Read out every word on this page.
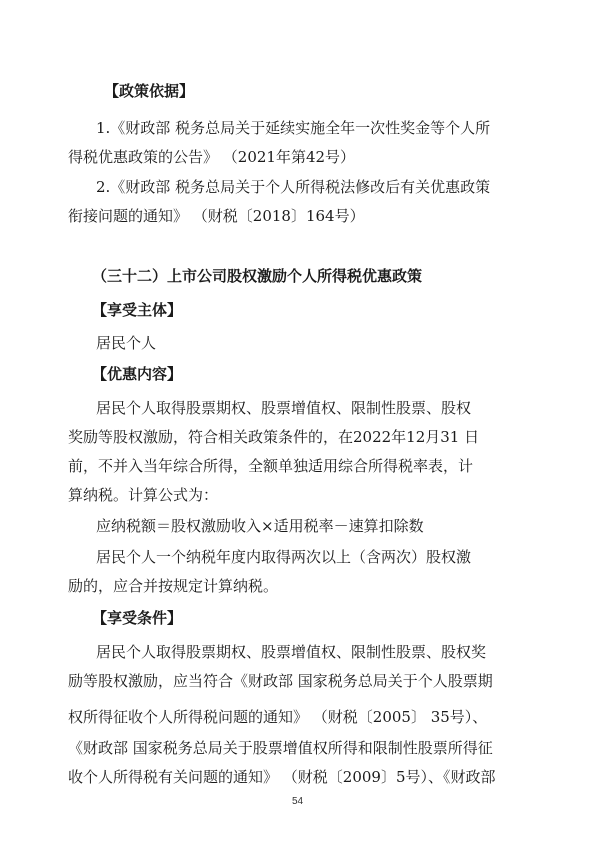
【政策依据】
1.《财政部 税务总局关于延续实施全年一次性奖金等个人所
得税优惠政策的公告》 （2021年第42号）
2.《财政部 税务总局关于个人所得税法修改后有关优惠政策
衔接问题的通知》 （财税〔2018〕164号）
（三十二）上市公司股权激励个人所得税优惠政策
【享受主体】
居民个人
【优惠内容】
居民个人取得股票期权、股票增值权、限制性股票、股权
奖励等股权激励，符合相关政策条件的，在2022年12月31 日
前，不并入当年综合所得，全额单独适用综合所得税率表，计
算纳税。计算公式为：
应纳税额＝股权激励收入×适用税率－速算扣除数
居民个人一个纳税年度内取得两次以上（含两次）股权激
励的，应合并按规定计算纳税。
【享受条件】
居民个人取得股票期权、股票增值权、限制性股票、股权奖
励等股权激励，应当符合《财政部 国家税务总局关于个人股票期
权所得征收个人所得税问题的通知》 （财税〔2005〕 35号）、
《财政部 国家税务总局关于股票增值权所得和限制性股票所得征
收个人所得税有关问题的通知》 （财税〔2009〕5号）、《财政部
54
